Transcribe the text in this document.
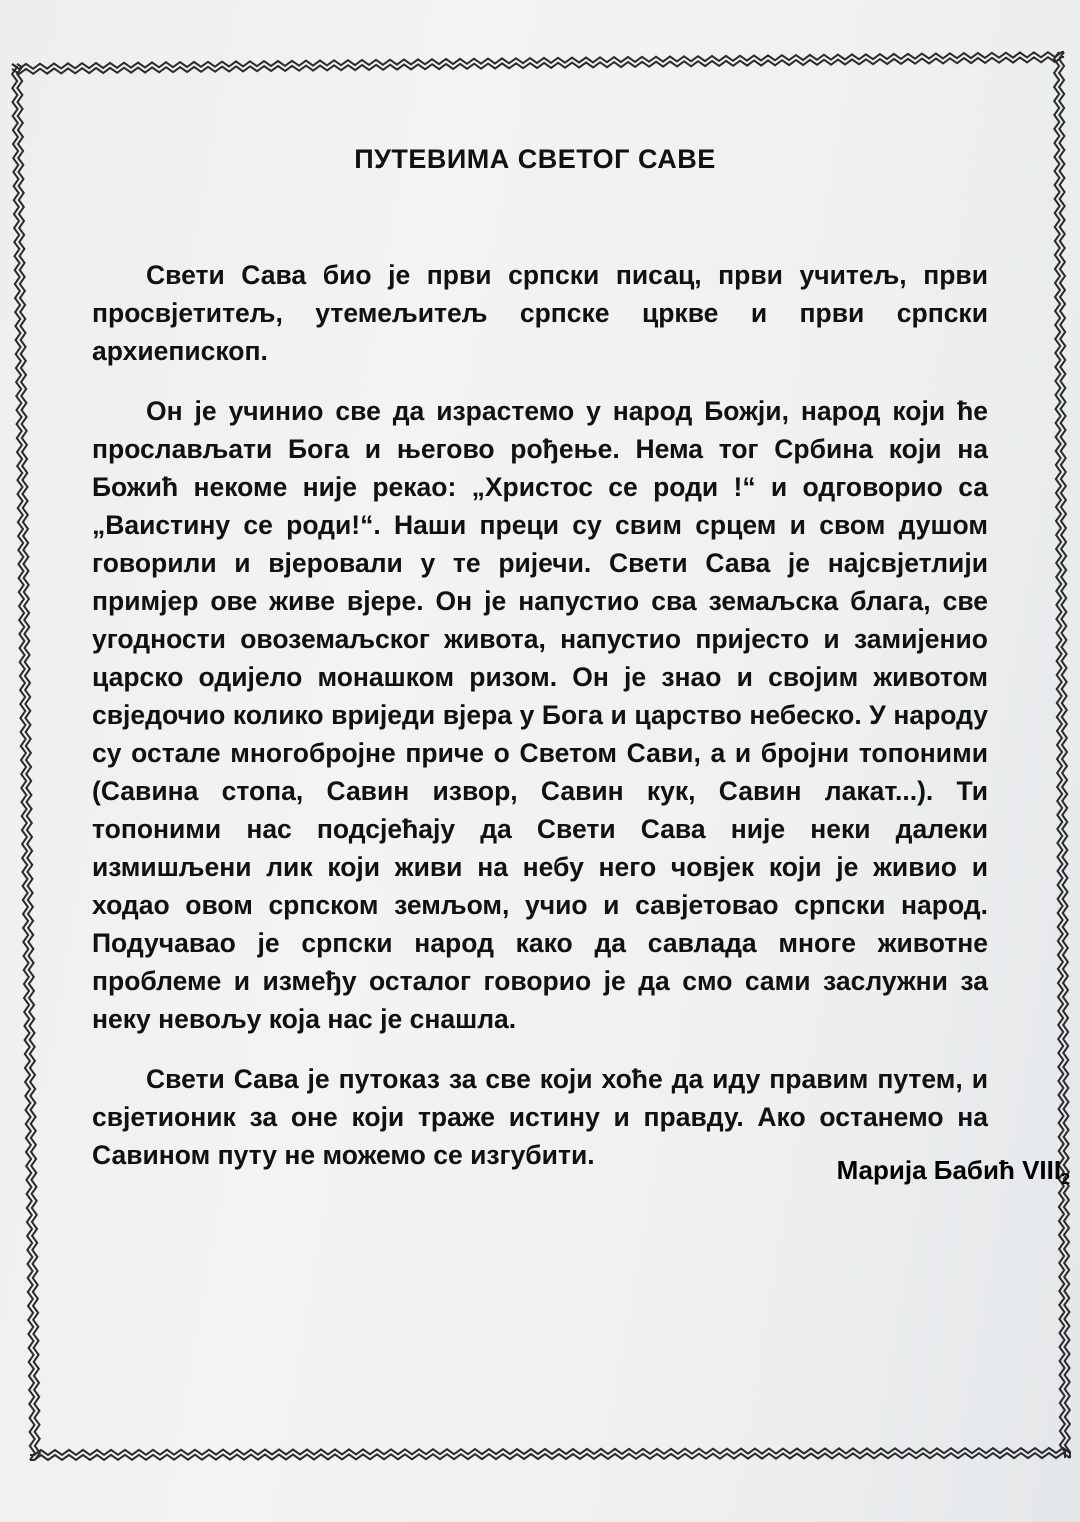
ПУТЕВИМА СВЕТОГ САВЕ

Свети Сава био је први српски писац, први учитељ, први просвјетитељ, утемељитељ српске цркве и први српски архиепископ.

Он је учинио све да израстемо у народ Божји, народ који ће прослављати Бога и његово рођење. Нема тог Србина који на Божић некоме није рекао: „Христос се роди !“ и одговорио са „Ваистину се роди!“. Наши преци су свим срцем и свом душом говорили и вјеровали у те ријечи. Свети Сава је најсвјетлији примјер ове живе вјере. Он је напустио сва земаљска блага, све угодности овоземаљског живота, напустио пријесто и замијенио царско одијело монашком ризом. Он је знао и својим животом свједочио колико вриједи вјера у Бога и царство небеско. У народу су остале многобројне приче о Светом Сави, а и бројни топоними (Савина стопа, Савин извор, Савин кук, Савин лакат...). Ти топоними нас подсјећају да Свети Сава није неки далеки измишљени лик који живи на небу него човјек који је живио и ходао овом српском земљом, учио и савјетовао српски народ. Подучавао је српски народ како да савлада многе животне проблеме и између осталог говорио је да смо сами заслужни за неку невољу која нас је снашла.

Свети Сава је путоказ за све који хоће да иду правим путем, и свјетионик за оне који траже истину и правду. Ако останемо на Савином путу не можемо се изгубити.	Марија Бабић $VIII_2$
